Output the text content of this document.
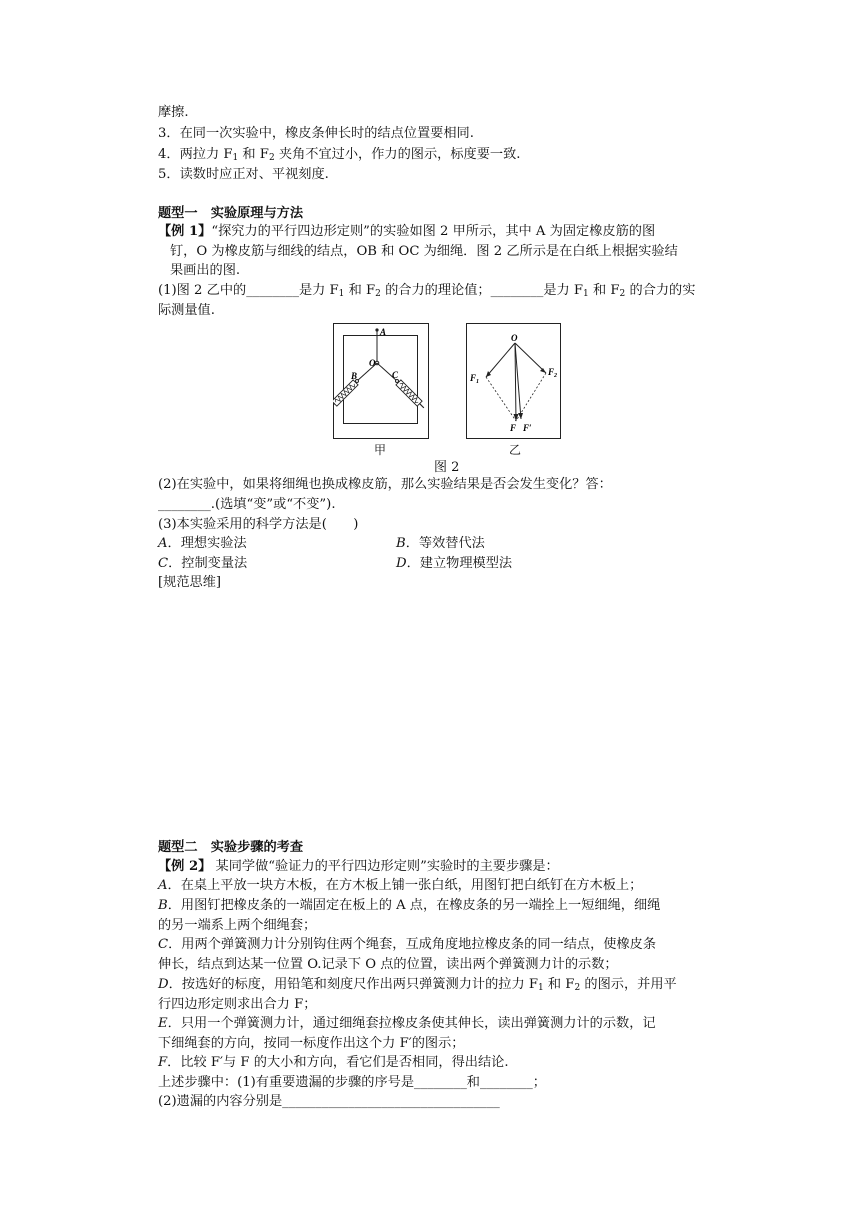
摩擦.
3．在同一次实验中，橡皮条伸长时的结点位置要相同.
4．两拉力 $F_1$ 和 $F_2$ 夹角不宜过小，作力的图示，标度要一致.
5．读数时应正对、平视刻度.
题型一　实验原理与方法
【例 1】“探究力的平行四边形定则”的实验如图 2 甲所示，其中 A 为固定橡皮筋的图
钉，O 为橡皮筋与细线的结点，OB 和 OC 为细绳．图 2 乙所示是在白纸上根据实验结
果画出的图.
(1)图 2 乙中的________是力 $F_1$ 和 $F_2$ 的合力的理论值；________是力 $F_1$ 和 $F_2$ 的合力的实
际测量值.
A
O
B	C
甲
O
$F_1$
$F_2$
F F′
乙
图 2
(2)在实验中，如果将细绳也换成橡皮筋，那么实验结果是否会发生变化？答：
________.(选填“变”或“不变”).
(3)本实验采用的科学方法是(　　)
A．理想实验法	B．等效替代法
C．控制变量法	D．建立物理模型法
[规范思维]
题型二　实验步骤的考查
【例 2】 某同学做“验证力的平行四边形定则”实验时的主要步骤是：
A．在桌上平放一块方木板，在方木板上铺一张白纸，用图钉把白纸钉在方木板上；
B．用图钉把橡皮条的一端固定在板上的 A 点，在橡皮条的另一端拴上一短细绳，细绳
的另一端系上两个细绳套；
C．用两个弹簧测力计分别钩住两个绳套，互成角度地拉橡皮条的同一结点，使橡皮条
伸长，结点到达某一位置 O.记录下 O 点的位置，读出两个弹簧测力计的示数；
D．按选好的标度，用铅笔和刻度尺作出两只弹簧测力计的拉力 $F_1$ 和 $F_2$ 的图示，并用平
行四边形定则求出合力 F；
E．只用一个弹簧测力计，通过细绳套拉橡皮条使其伸长，读出弹簧测力计的示数，记
下细绳套的方向，按同一标度作出这个力 F′的图示；
F．比较 F′与 F 的大小和方向，看它们是否相同，得出结论.
上述步骤中：(1)有重要遗漏的步骤的序号是________和________；
(2)遗漏的内容分别是_________________________________
